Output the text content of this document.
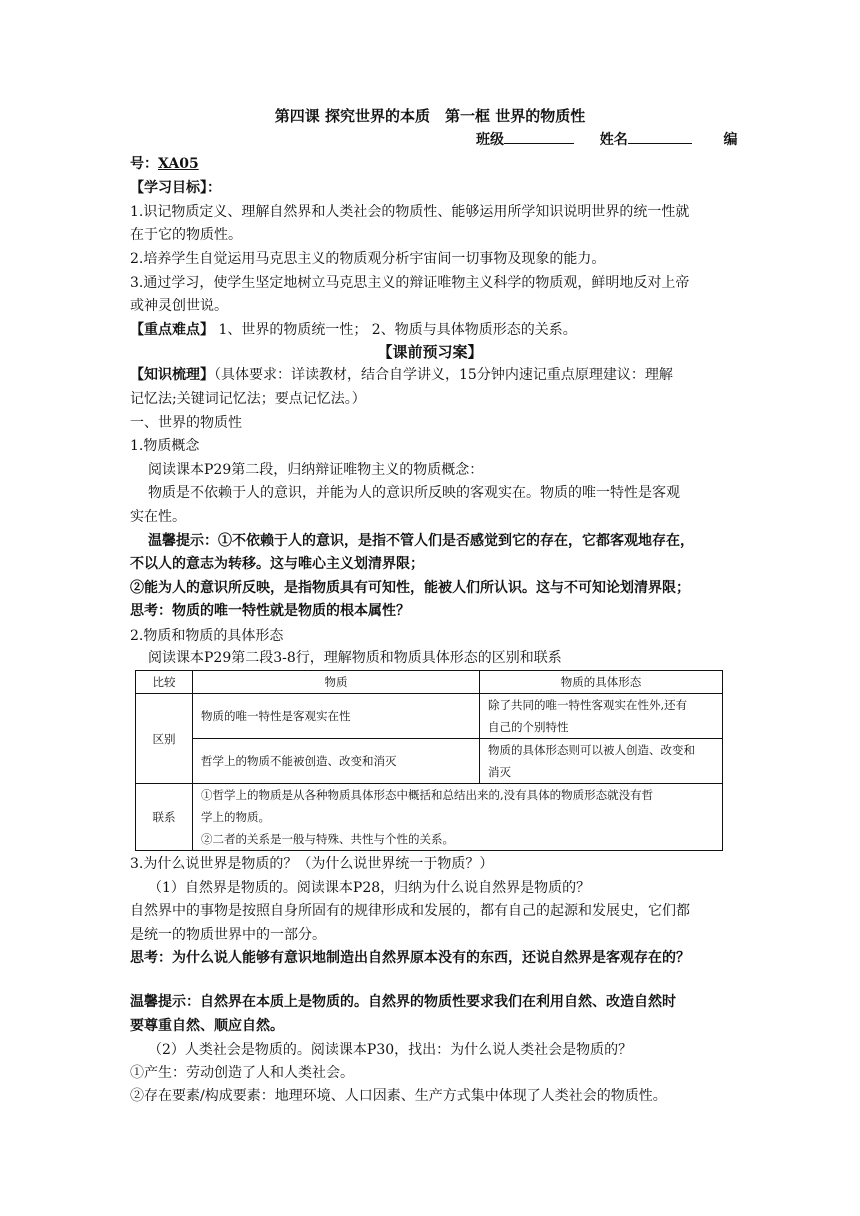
第四课 探究世界的本质　第一框 世界的物质性
班级	姓名	编
号：XA05
【学习目标】：
1.识记物质定义、理解自然界和人类社会的物质性、能够运用所学知识说明世界的统一性就
在于它的物质性。
2.培养学生自觉运用马克思主义的物质观分析宇宙间一切事物及现象的能力。
3.通过学习，使学生坚定地树立马克思主义的辩证唯物主义科学的物质观，鲜明地反对上帝
或神灵创世说。
【重点难点】 1、世界的物质统一性； 2、物质与具体物质形态的关系。
【课前预习案】
【知识梳理】（具体要求：详读教材，结合自学讲义，15分钟内速记重点原理建议：理解
记忆法;关键词记忆法；要点记忆法。）
一、世界的物质性
1.物质概念
阅读课本P29第二段，归纳辩证唯物主义的物质概念：
物质是不依赖于人的意识，并能为人的意识所反映的客观实在。物质的唯一特性是客观
实在性。
温馨提示：①不依赖于人的意识，是指不管人们是否感觉到它的存在，它都客观地存在，
不以人的意志为转移。这与唯心主义划清界限；
②能为人的意识所反映，是指物质具有可知性，能被人们所认识。这与不可知论划清界限；
思考：物质的唯一特性就是物质的根本属性？
2.物质和物质的具体形态
阅读课本P29第二段3-8行，理解物质和物质具体形态的区别和联系
比较	物质	物质的具体形态
区别	物质的唯一特性是客观实在性	除了共同的唯一特性客观实在性外,还有
自己的个别特性
	哲学上的物质不能被创造、改变和消灭	物质的具体形态则可以被人创造、改变和
消灭
联系	①哲学上的物质是从各种物质具体形态中概括和总结出来的,没有具体的物质形态就没有哲
学上的物质。
②二者的关系是一般与特殊、共性与个性的关系。	
3.为什么说世界是物质的？（为什么说世界统一于物质？）
（1）自然界是物质的。阅读课本P28，归纳为什么说自然界是物质的？
自然界中的事物是按照自身所固有的规律形成和发展的，都有自己的起源和发展史，它们都
是统一的物质世界中的一部分。
思考：为什么说人能够有意识地制造出自然界原本没有的东西，还说自然界是客观存在的？
温馨提示：自然界在本质上是物质的。自然界的物质性要求我们在利用自然、改造自然时
要尊重自然、顺应自然。
（2）人类社会是物质的。阅读课本P30，找出：为什么说人类社会是物质的？
①产生：劳动创造了人和人类社会。
②存在要素/构成要素：地理环境、人口因素、生产方式集中体现了人类社会的物质性。
